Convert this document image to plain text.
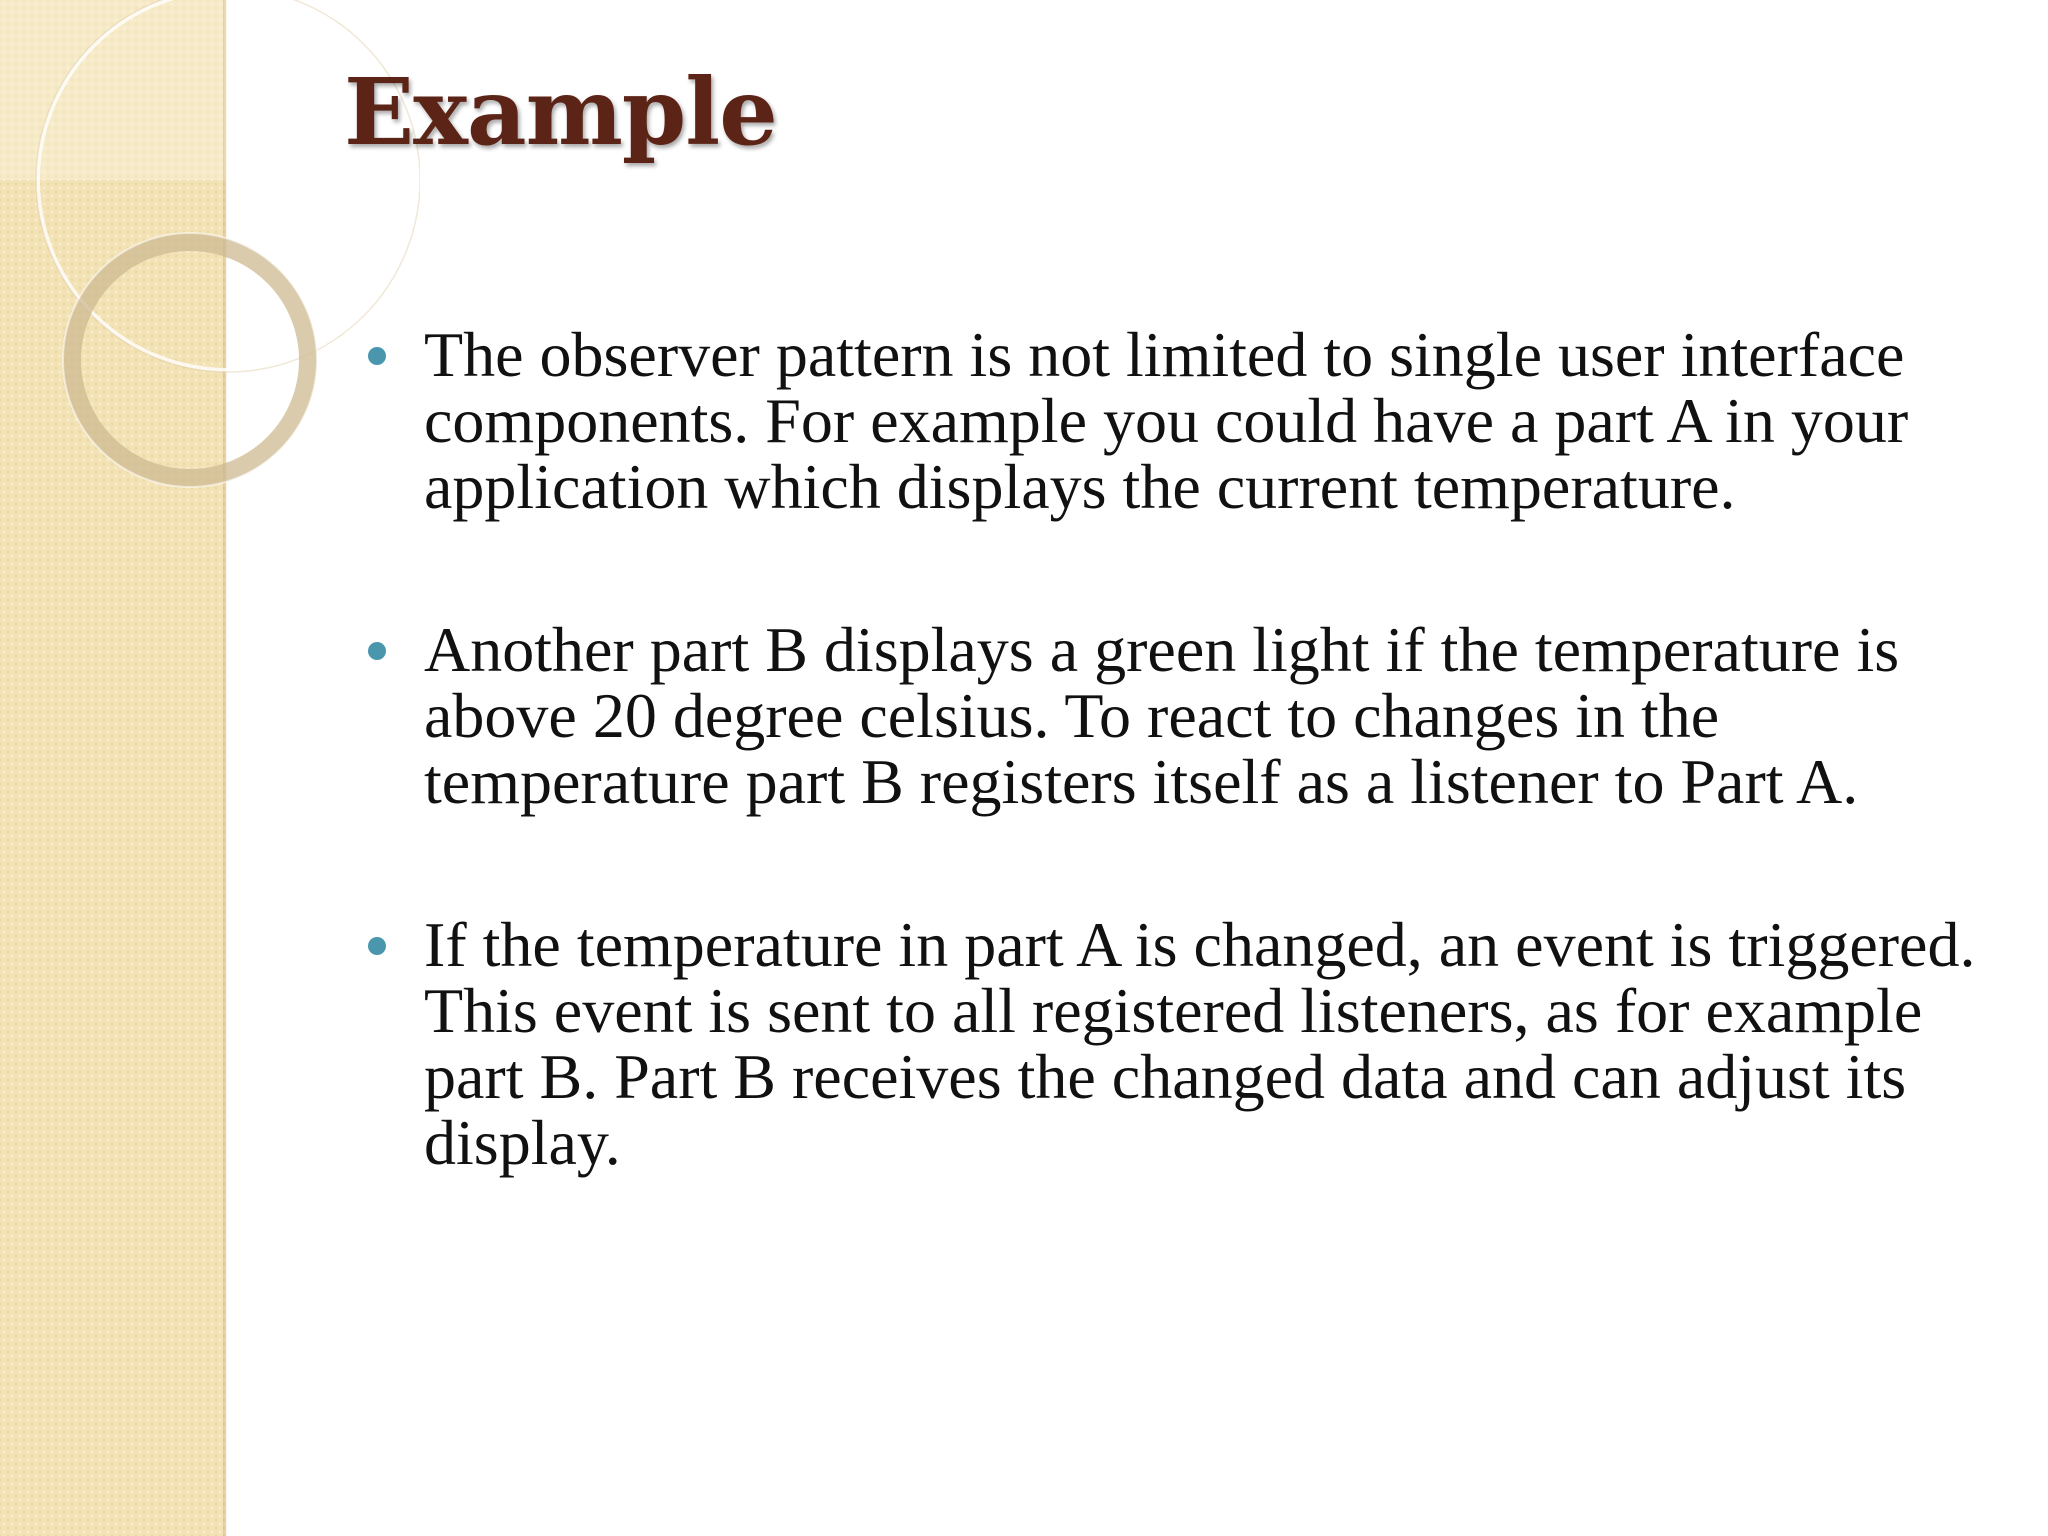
Example
The observer pattern is not limited to single user interface components. For example you could have a part A in your application which displays the current temperature.
Another part B displays a green light if the temperature is above 20 degree celsius. To react to changes in the temperature part B registers itself as a listener to Part A.
If the temperature in part A is changed, an event is triggered. This event is sent to all registered listeners, as for example part B. Part B receives the changed data and can adjust its display.
